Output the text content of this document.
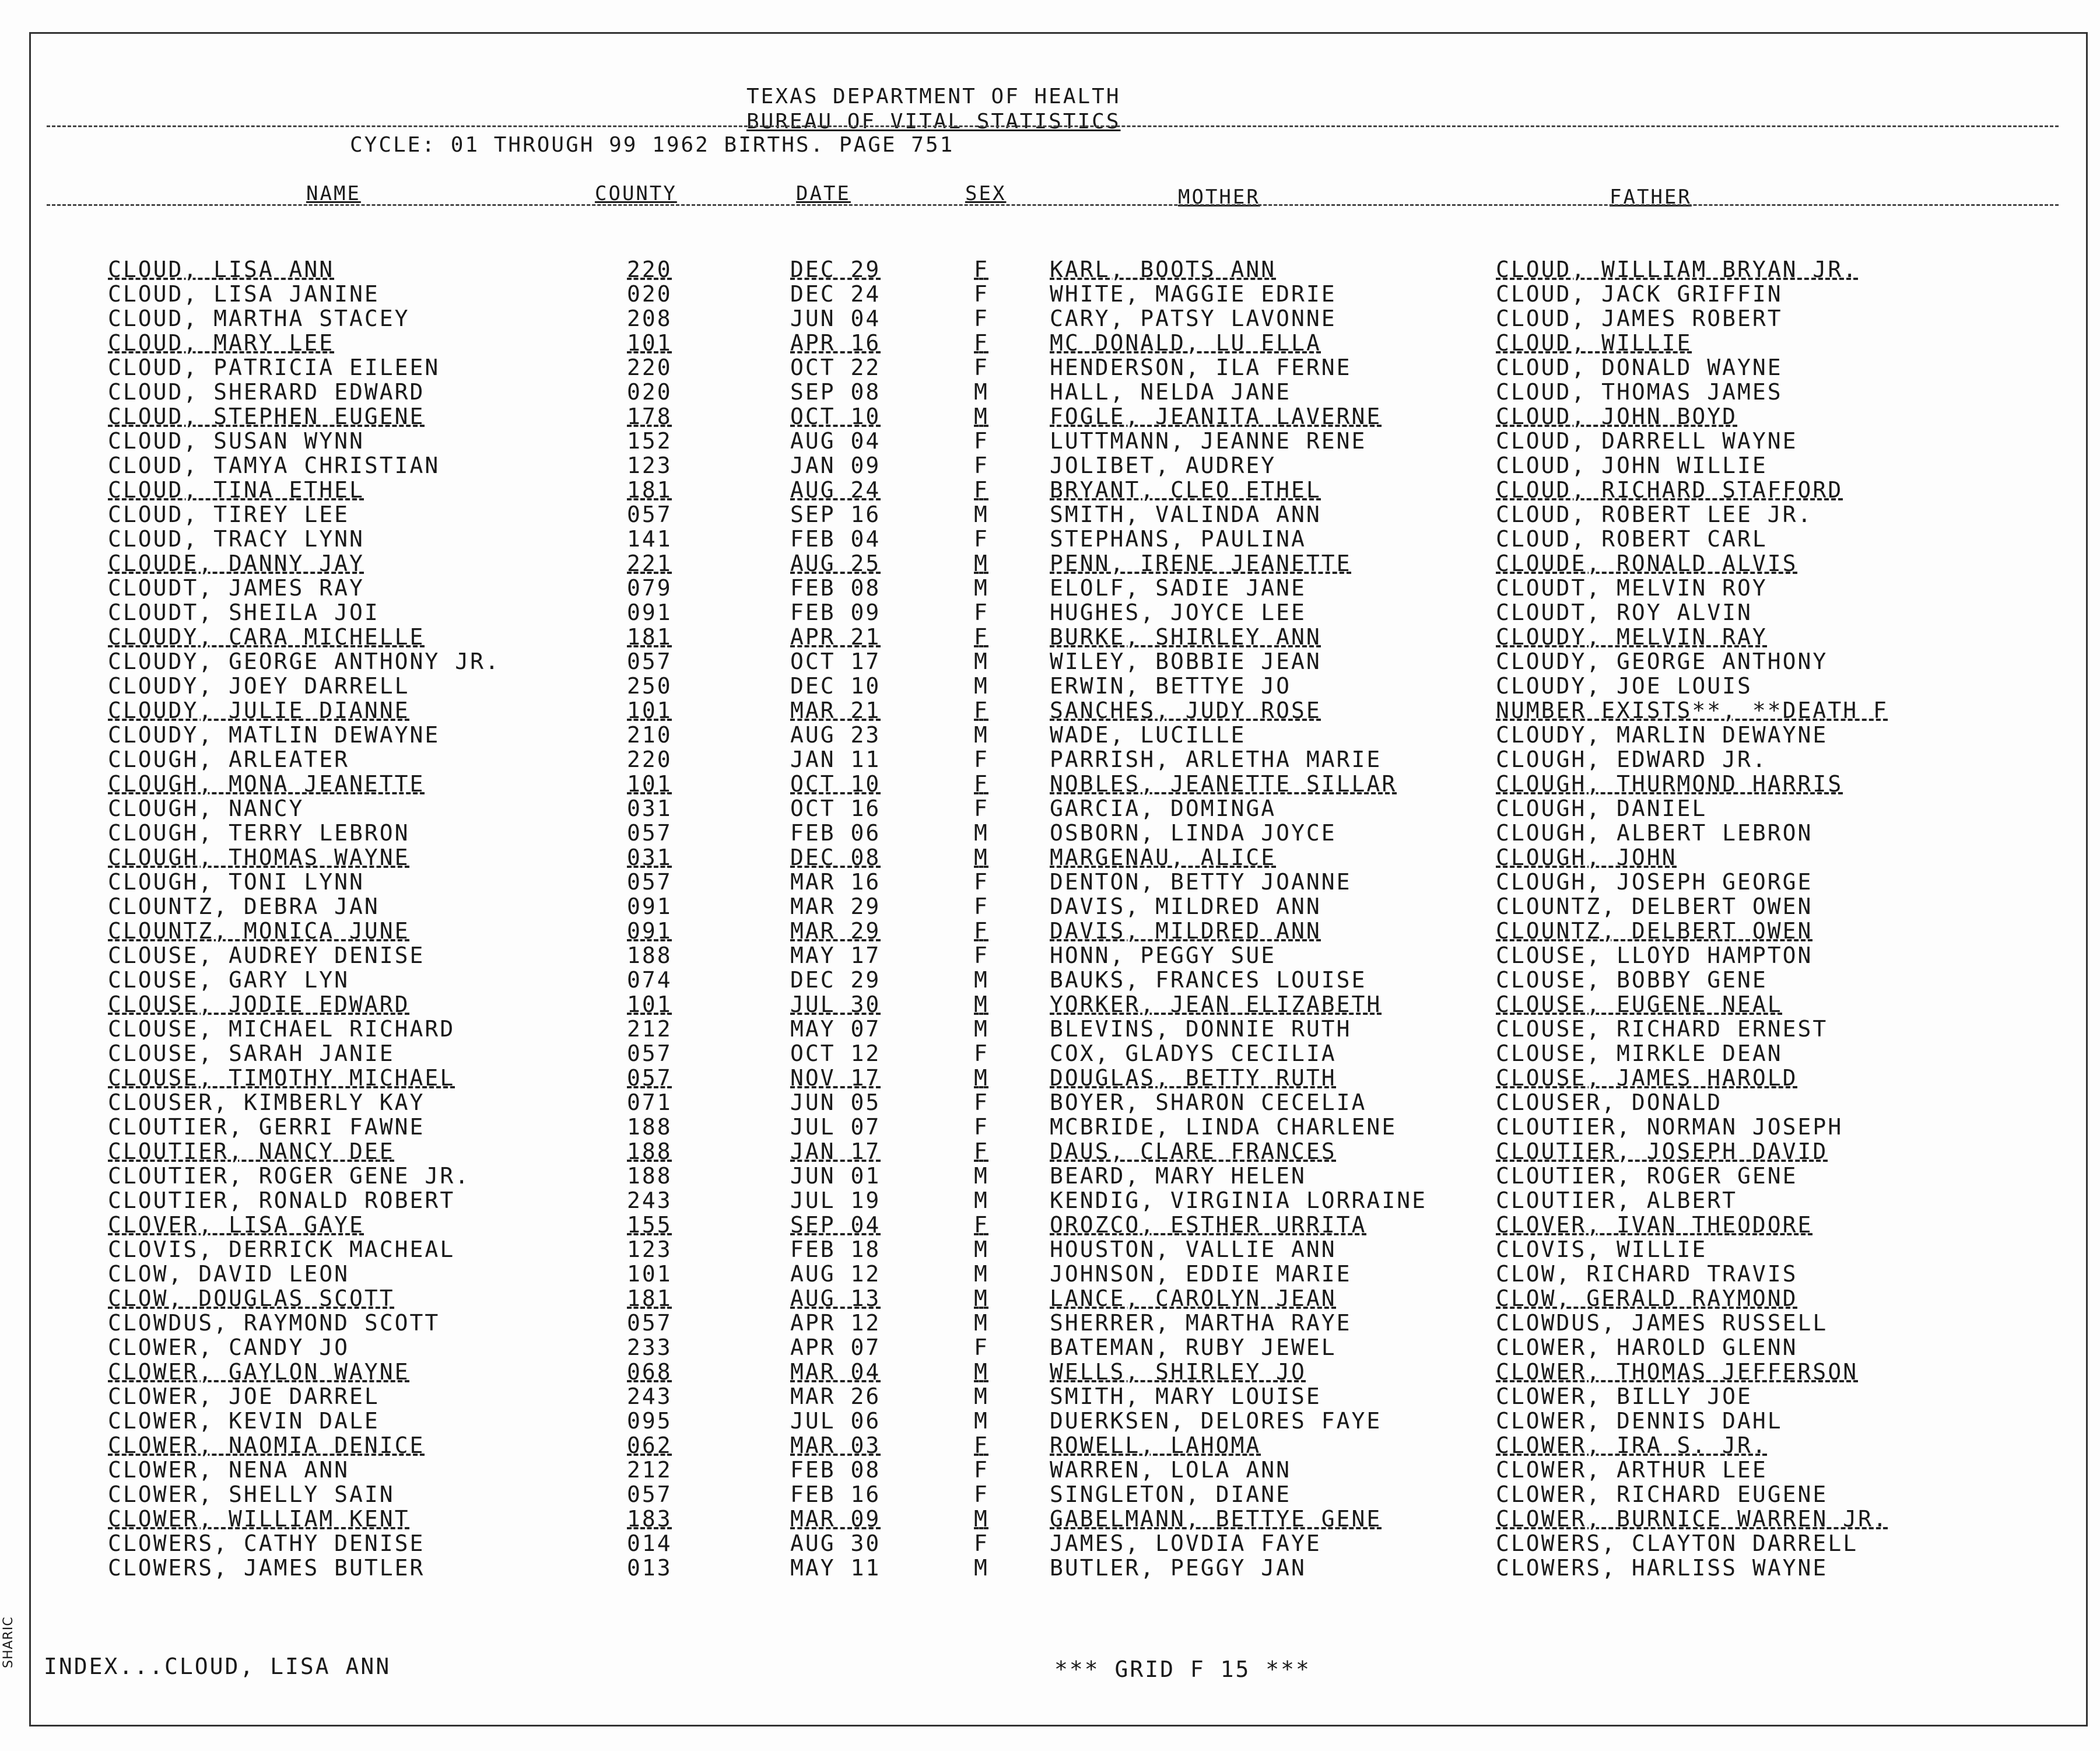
TEXAS DEPARTMENT OF HEALTH
BUREAU OF VITAL STATISTICS
CYCLE: 01 THROUGH 99 1962 BIRTHS. PAGE 751
NAME	COUNTY	DATE	SEX	MOTHER	FATHER
CLOUD, LISA ANN	220	DEC 29	F	KARL, BOOTS ANN	CLOUD, WILLIAM BRYAN JR.
CLOUD, LISA JANINE	020	DEC 24	F	WHITE, MAGGIE EDRIE	CLOUD, JACK GRIFFIN
CLOUD, MARTHA STACEY	208	JUN 04	F	CARY, PATSY LAVONNE	CLOUD, JAMES ROBERT
CLOUD, MARY LEE	101	APR 16	F	MC DONALD, LU ELLA	CLOUD, WILLIE
CLOUD, PATRICIA EILEEN	220	OCT 22	F	HENDERSON, ILA FERNE	CLOUD, DONALD WAYNE
CLOUD, SHERARD EDWARD	020	SEP 08	M	HALL, NELDA JANE	CLOUD, THOMAS JAMES
CLOUD, STEPHEN EUGENE	178	OCT 10	M	FOGLE, JEANITA LAVERNE	CLOUD, JOHN BOYD
CLOUD, SUSAN WYNN	152	AUG 04	F	LUTTMANN, JEANNE RENE	CLOUD, DARRELL WAYNE
CLOUD, TAMYA CHRISTIAN	123	JAN 09	F	JOLIBET, AUDREY	CLOUD, JOHN WILLIE
CLOUD, TINA ETHEL	181	AUG 24	F	BRYANT, CLEO ETHEL	CLOUD, RICHARD STAFFORD
CLOUD, TIREY LEE	057	SEP 16	M	SMITH, VALINDA ANN	CLOUD, ROBERT LEE JR.
CLOUD, TRACY LYNN	141	FEB 04	F	STEPHANS, PAULINA	CLOUD, ROBERT CARL
CLOUDE, DANNY JAY	221	AUG 25	M	PENN, IRENE JEANETTE	CLOUDE, RONALD ALVIS
CLOUDT, JAMES RAY	079	FEB 08	M	ELOLF, SADIE JANE	CLOUDT, MELVIN ROY
CLOUDT, SHEILA JOI	091	FEB 09	F	HUGHES, JOYCE LEE	CLOUDT, ROY ALVIN
CLOUDY, CARA MICHELLE	181	APR 21	F	BURKE, SHIRLEY ANN	CLOUDY, MELVIN RAY
CLOUDY, GEORGE ANTHONY JR.	057	OCT 17	M	WILEY, BOBBIE JEAN	CLOUDY, GEORGE ANTHONY
CLOUDY, JOEY DARRELL	250	DEC 10	M	ERWIN, BETTYE JO	CLOUDY, JOE LOUIS
CLOUDY, JULIE DIANNE	101	MAR 21	F	SANCHES, JUDY ROSE	NUMBER EXISTS**, **DEATH F
CLOUDY, MATLIN DEWAYNE	210	AUG 23	M	WADE, LUCILLE	CLOUDY, MARLIN DEWAYNE
CLOUGH, ARLEATER	220	JAN 11	F	PARRISH, ARLETHA MARIE	CLOUGH, EDWARD JR.
CLOUGH, MONA JEANETTE	101	OCT 10	F	NOBLES, JEANETTE SILLAR	CLOUGH, THURMOND HARRIS
CLOUGH, NANCY	031	OCT 16	F	GARCIA, DOMINGA	CLOUGH, DANIEL
CLOUGH, TERRY LEBRON	057	FEB 06	M	OSBORN, LINDA JOYCE	CLOUGH, ALBERT LEBRON
CLOUGH, THOMAS WAYNE	031	DEC 08	M	MARGENAU, ALICE	CLOUGH, JOHN
CLOUGH, TONI LYNN	057	MAR 16	F	DENTON, BETTY JOANNE	CLOUGH, JOSEPH GEORGE
CLOUNTZ, DEBRA JAN	091	MAR 29	F	DAVIS, MILDRED ANN	CLOUNTZ, DELBERT OWEN
CLOUNTZ, MONICA JUNE	091	MAR 29	F	DAVIS, MILDRED ANN	CLOUNTZ, DELBERT OWEN
CLOUSE, AUDREY DENISE	188	MAY 17	F	HONN, PEGGY SUE	CLOUSE, LLOYD HAMPTON
CLOUSE, GARY LYN	074	DEC 29	M	BAUKS, FRANCES LOUISE	CLOUSE, BOBBY GENE
CLOUSE, JODIE EDWARD	101	JUL 30	M	YORKER, JEAN ELIZABETH	CLOUSE, EUGENE NEAL
CLOUSE, MICHAEL RICHARD	212	MAY 07	M	BLEVINS, DONNIE RUTH	CLOUSE, RICHARD ERNEST
CLOUSE, SARAH JANIE	057	OCT 12	F	COX, GLADYS CECILIA	CLOUSE, MIRKLE DEAN
CLOUSE, TIMOTHY MICHAEL	057	NOV 17	M	DOUGLAS, BETTY RUTH	CLOUSE, JAMES HAROLD
CLOUSER, KIMBERLY KAY	071	JUN 05	F	BOYER, SHARON CECELIA	CLOUSER, DONALD
CLOUTIER, GERRI FAWNE	188	JUL 07	F	MCBRIDE, LINDA CHARLENE	CLOUTIER, NORMAN JOSEPH
CLOUTIER, NANCY DEE	188	JAN 17	F	DAUS, CLARE FRANCES	CLOUTIER, JOSEPH DAVID
CLOUTIER, ROGER GENE JR.	188	JUN 01	M	BEARD, MARY HELEN	CLOUTIER, ROGER GENE
CLOUTIER, RONALD ROBERT	243	JUL 19	M	KENDIG, VIRGINIA LORRAINE	CLOUTIER, ALBERT
CLOVER, LISA GAYE	155	SEP 04	F	OROZCO, ESTHER URRITA	CLOVER, IVAN THEODORE
CLOVIS, DERRICK MACHEAL	123	FEB 18	M	HOUSTON, VALLIE ANN	CLOVIS, WILLIE
CLOW, DAVID LEON	101	AUG 12	M	JOHNSON, EDDIE MARIE	CLOW, RICHARD TRAVIS
CLOW, DOUGLAS SCOTT	181	AUG 13	M	LANCE, CAROLYN JEAN	CLOW, GERALD RAYMOND
CLOWDUS, RAYMOND SCOTT	057	APR 12	M	SHERRER, MARTHA RAYE	CLOWDUS, JAMES RUSSELL
CLOWER, CANDY JO	233	APR 07	F	BATEMAN, RUBY JEWEL	CLOWER, HAROLD GLENN
CLOWER, GAYLON WAYNE	068	MAR 04	M	WELLS, SHIRLEY JO	CLOWER, THOMAS JEFFERSON
CLOWER, JOE DARREL	243	MAR 26	M	SMITH, MARY LOUISE	CLOWER, BILLY JOE
CLOWER, KEVIN DALE	095	JUL 06	M	DUERKSEN, DELORES FAYE	CLOWER, DENNIS DAHL
CLOWER, NAOMIA DENICE	062	MAR 03	F	ROWELL, LAHOMA	CLOWER, IRA S. JR.
CLOWER, NENA ANN	212	FEB 08	F	WARREN, LOLA ANN	CLOWER, ARTHUR LEE
CLOWER, SHELLY SAIN	057	FEB 16	F	SINGLETON, DIANE	CLOWER, RICHARD EUGENE
CLOWER, WILLIAM KENT	183	MAR 09	M	GABELMANN, BETTYE GENE	CLOWER, BURNICE WARREN JR.
CLOWERS, CATHY DENISE	014	AUG 30	F	JAMES, LOVDIA FAYE	CLOWERS, CLAYTON DARRELL
CLOWERS, JAMES BUTLER	013	MAY 11	M	BUTLER, PEGGY JAN	CLOWERS, HARLISS WAYNE
INDEX...CLOUD, LISA ANN	*** GRID F 15 ***
SHARIC
